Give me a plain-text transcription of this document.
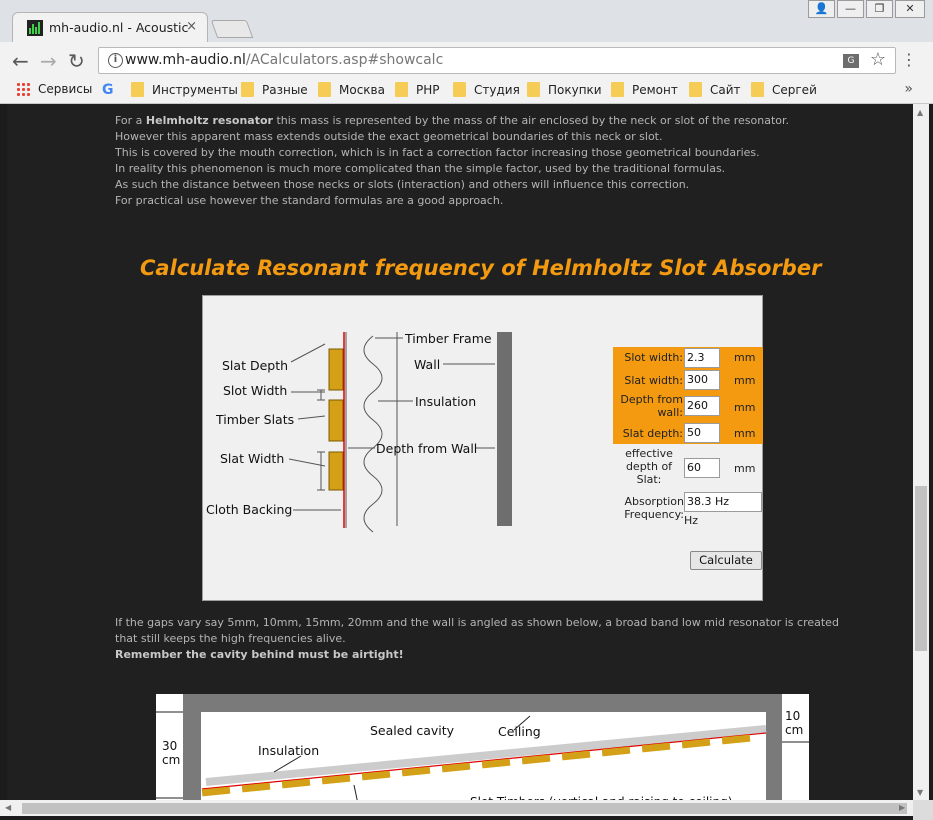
mh-audio.nl - Acoustic
×
👤	—	❐	✕
← → ↻	i www.mh-audio.nl/ACalculators.asp#showcalc	G ☆ ⋮
Сервисы G	Инструменты Разные	Москва	PHP	Студия Покупки	Ремонт	Сайт	Сергей	»
For a Helmholtz resonator this mass is represented by the mass of the air enclosed by the neck or slot of the resonator.
However this apparent mass extends outside the exact geometrical boundaries of this neck or slot.
This is covered by the mouth correction, which is in fact a correction factor increasing those geometrical boundaries.
In reality this phenomenon is much more complicated than the simple factor, used by the traditional formulas.
As such the distance between those necks or slots (interaction) and others will influence this correction.
For practical use however the standard formulas are a good approach.
Calculate Resonant frequency of Helmholtz Slot Absorber
Slat Depth
Slot Width
Timber Slats
Slat Width
Cloth Backing
Timber Frame
Wall
Insulation
Depth from Wall
Slot width: 2.3	mm
Slat width: 300	mm
Depth from wall:
260	mm
Slat depth: 50	mm
effective depth of Slat:
60	mm
Absorption Frequency:
38.3 Hz
Hz
Calculate
If the gaps vary say 5mm, 10mm, 15mm, 20mm and the wall is angled as shown below, a broad band low mid resonator is created
that still keeps the high frequencies alive.
Remember the cavity behind must be airtight!
30 cm
10 cm
Sealed cavity	Ceiling
Insulation
▲
▼
◀	▶
